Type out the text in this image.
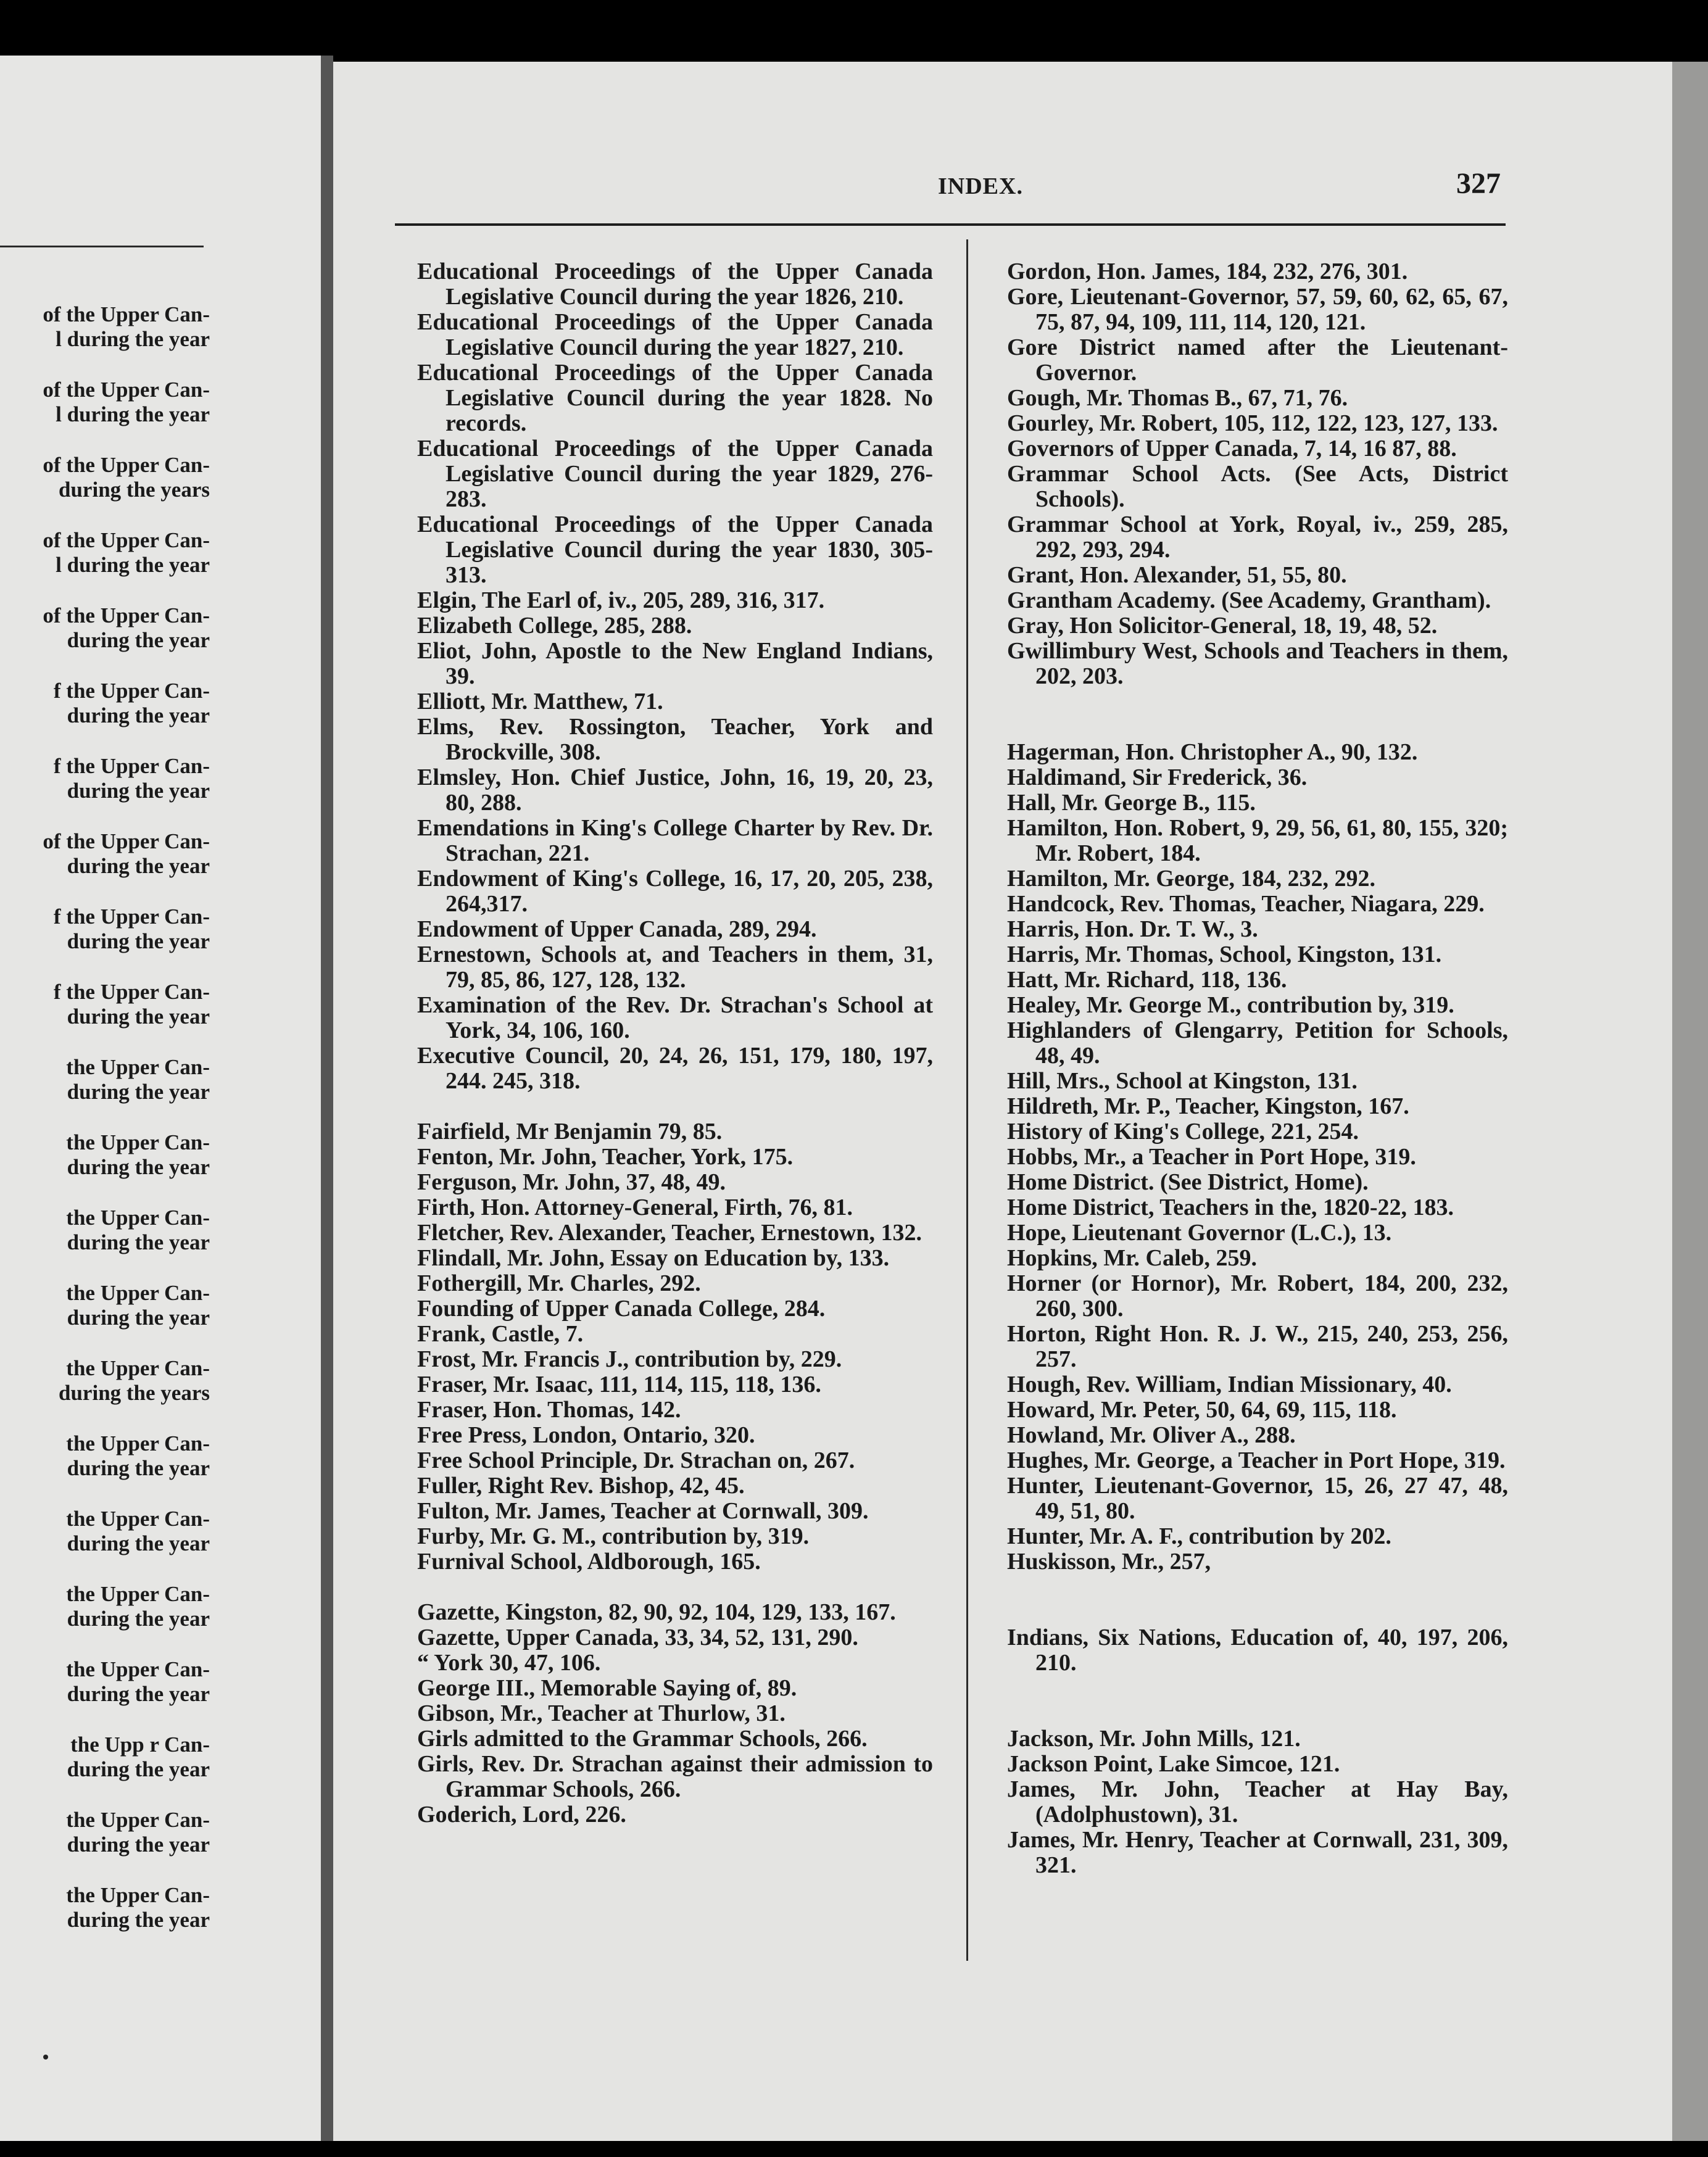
of the Upper Can-
l during the year
of the Upper Can-
l during the year
of the Upper Can-
during the years
of the Upper Can-
l during the year
of the Upper Can-
during the year
f the Upper Can-
during the year
f the Upper Can-
during the year
of the Upper Can-
during the year
f the Upper Can-
during the year
f the Upper Can-
during the year
the Upper Can-
during the year
the Upper Can-
during the year
the Upper Can-
during the year
the Upper Can-
during the year
the Upper Can-
during the years
the Upper Can-
during the year
the Upper Can-
during the year
the Upper Can-
during the year
the Upper Can-
during the year
the Upp r Can-
during the year
the Upper Can-
during the year
the Upper Can-
during the year
INDEX.	327
Educational Proceedings of the Upper Canada Legislative Council during the year 1826, 210.
Educational Proceedings of the Upper Canada Legislative Council during the year 1827, 210.
Educational Proceedings of the Upper Canada Legislative Council during the year 1828. No records.
Educational Proceedings of the Upper Canada Legislative Council during the year 1829, 276-283.
Educational Proceedings of the Upper Canada Legislative Council during the year 1830, 305-313.
Elgin, The Earl of, iv., 205, 289, 316, 317.
Elizabeth College, 285, 288.
Eliot, John, Apostle to the New England Indians, 39.
Elliott, Mr. Matthew, 71.
Elms, Rev. Rossington, Teacher, York and Brockville, 308.
Elmsley, Hon. Chief Justice, John, 16, 19, 20, 23, 80, 288.
Emendations in King's College Charter by Rev. Dr. Strachan, 221.
Endowment of King's College, 16, 17, 20, 205, 238, 264,317.
Endowment of Upper Canada, 289, 294.
Ernestown, Schools at, and Teachers in them, 31, 79, 85, 86, 127, 128, 132.
Examination of the Rev. Dr. Strachan's School at York, 34, 106, 160.
Executive Council, 20, 24, 26, 151, 179, 180, 197, 244. 245, 318.
Fairfield, Mr Benjamin 79, 85.
Fenton, Mr. John, Teacher, York, 175.
Ferguson, Mr. John, 37, 48, 49.
Firth, Hon. Attorney-General, Firth, 76, 81.
Fletcher, Rev. Alexander, Teacher, Ernestown, 132.
Flindall, Mr. John, Essay on Education by, 133.
Fothergill, Mr. Charles, 292.
Founding of Upper Canada College, 284.
Frank, Castle, 7.
Frost, Mr. Francis J., contribution by, 229.
Fraser, Mr. Isaac, 111, 114, 115, 118, 136.
Fraser, Hon. Thomas, 142.
Free Press, London, Ontario, 320.
Free School Principle, Dr. Strachan on, 267.
Fuller, Right Rev. Bishop, 42, 45.
Fulton, Mr. James, Teacher at Cornwall, 309.
Furby, Mr. G. M., contribution by, 319.
Furnival School, Aldborough, 165.
Gazette, Kingston, 82, 90, 92, 104, 129, 133, 167.
Gazette, Upper Canada, 33, 34, 52, 131, 290.
“ York 30, 47, 106.
George III., Memorable Saying of, 89.
Gibson, Mr., Teacher at Thurlow, 31.
Girls admitted to the Grammar Schools, 266.
Girls, Rev. Dr. Strachan against their admission to Grammar Schools, 266.
Goderich, Lord, 226.
Gordon, Hon. James, 184, 232, 276, 301.
Gore, Lieutenant-Governor, 57, 59, 60, 62, 65, 67, 75, 87, 94, 109, 111, 114, 120, 121.
Gore District named after the Lieutenant-Governor.
Gough, Mr. Thomas B., 67, 71, 76.
Gourley, Mr. Robert, 105, 112, 122, 123, 127, 133.
Governors of Upper Canada, 7, 14, 16 87, 88.
Grammar School Acts. (See Acts, District Schools).
Grammar School at York, Royal, iv., 259, 285, 292, 293, 294.
Grant, Hon. Alexander, 51, 55, 80.
Grantham Academy. (See Academy, Grantham).
Gray, Hon Solicitor-General, 18, 19, 48, 52.
Gwillimbury West, Schools and Teachers in them, 202, 203.
Hagerman, Hon. Christopher A., 90, 132.
Haldimand, Sir Frederick, 36.
Hall, Mr. George B., 115.
Hamilton, Hon. Robert, 9, 29, 56, 61, 80, 155, 320; Mr. Robert, 184.
Hamilton, Mr. George, 184, 232, 292.
Handcock, Rev. Thomas, Teacher, Niagara, 229.
Harris, Hon. Dr. T. W., 3.
Harris, Mr. Thomas, School, Kingston, 131.
Hatt, Mr. Richard, 118, 136.
Healey, Mr. George M., contribution by, 319.
Highlanders of Glengarry, Petition for Schools, 48, 49.
Hill, Mrs., School at Kingston, 131.
Hildreth, Mr. P., Teacher, Kingston, 167.
History of King's College, 221, 254.
Hobbs, Mr., a Teacher in Port Hope, 319.
Home District. (See District, Home).
Home District, Teachers in the, 1820-22, 183.
Hope, Lieutenant Governor (L.C.), 13.
Hopkins, Mr. Caleb, 259.
Horner (or Hornor), Mr. Robert, 184, 200, 232, 260, 300.
Horton, Right Hon. R. J. W., 215, 240, 253, 256, 257.
Hough, Rev. William, Indian Missionary, 40.
Howard, Mr. Peter, 50, 64, 69, 115, 118.
Howland, Mr. Oliver A., 288.
Hughes, Mr. George, a Teacher in Port Hope, 319.
Hunter, Lieutenant-Governor, 15, 26, 27 47, 48, 49, 51, 80.
Hunter, Mr. A. F., contribution by 202.
Huskisson, Mr., 257,
Indians, Six Nations, Education of, 40, 197, 206, 210.
Jackson, Mr. John Mills, 121.
Jackson Point, Lake Simcoe, 121.
James, Mr. John, Teacher at Hay Bay, (Adolphustown), 31.
James, Mr. Henry, Teacher at Cornwall, 231, 309, 321.
